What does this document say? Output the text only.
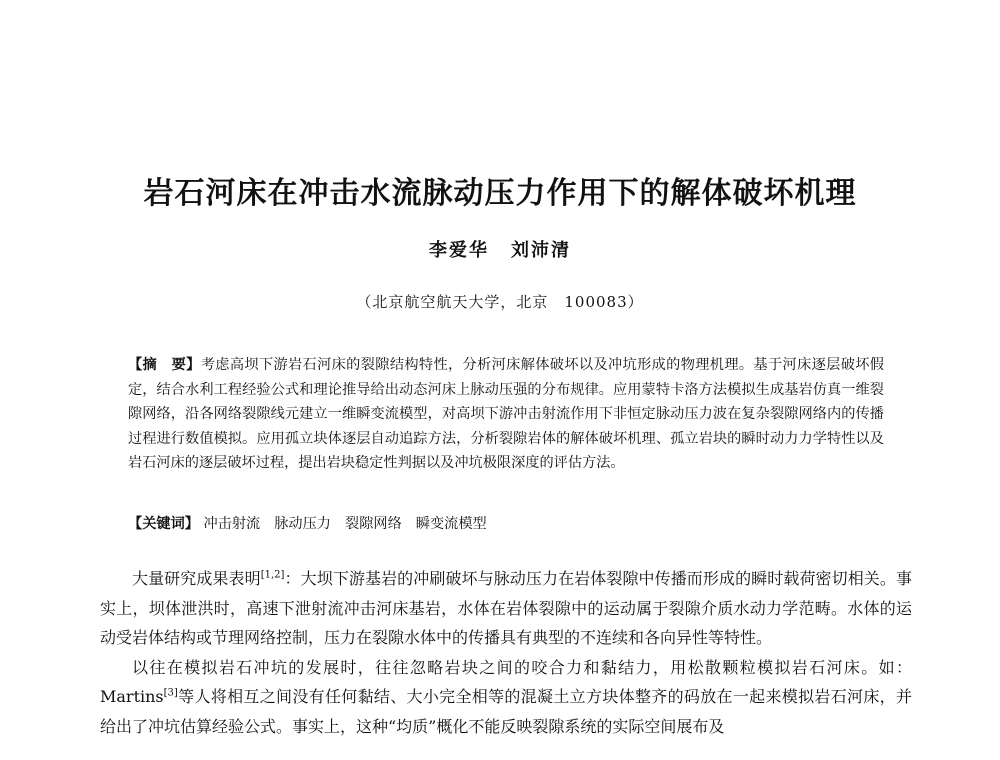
岩石河床在冲击水流脉动压力作用下的解体破坏机理
李爱华 刘沛清
（北京航空航天大学，北京　100083）
【摘　要】考虑高坝下游岩石河床的裂隙结构特性，分析河床解体破坏以及冲坑形成的物理机理。基于河床逐层破坏假定，结合水利工程经验公式和理论推导给出动态河床上脉动压强的分布规律。应用蒙特卡洛方法模拟生成基岩仿真一维裂隙网络，沿各网络裂隙线元建立一维瞬变流模型，对高坝下游冲击射流作用下非恒定脉动压力波在复杂裂隙网络内的传播过程进行数值模拟。应用孤立块体逐层自动追踪方法，分析裂隙岩体的解体破坏机理、孤立岩块的瞬时动力力学特性以及岩石河床的逐层破坏过程，提出岩块稳定性判据以及冲坑极限深度的评估方法。
【关键词】 冲击射流 脉动压力 裂隙网络 瞬变流模型

大量研究成果表明[1,2]：大坝下游基岩的冲刷破坏与脉动压力在岩体裂隙中传播而形成的瞬时载荷密切相关。事实上，坝体泄洪时，高速下泄射流冲击河床基岩，水体在岩体裂隙中的运动属于裂隙介质水动力学范畴。水体的运动受岩体结构或节理网络控制，压力在裂隙水体中的传播具有典型的不连续和各向异性等特性。

以往在模拟岩石冲坑的发展时，往往忽略岩块之间的咬合力和黏结力，用松散颗粒模拟岩石河床。如：Martins[3]等人将相互之间没有任何黏结、大小完全相等的混凝土立方块体整齐的码放在一起来模拟岩石河床，并给出了冲坑估算经验公式。事实上，这种“均质”概化不能反映裂隙系统的实际空间展布及
